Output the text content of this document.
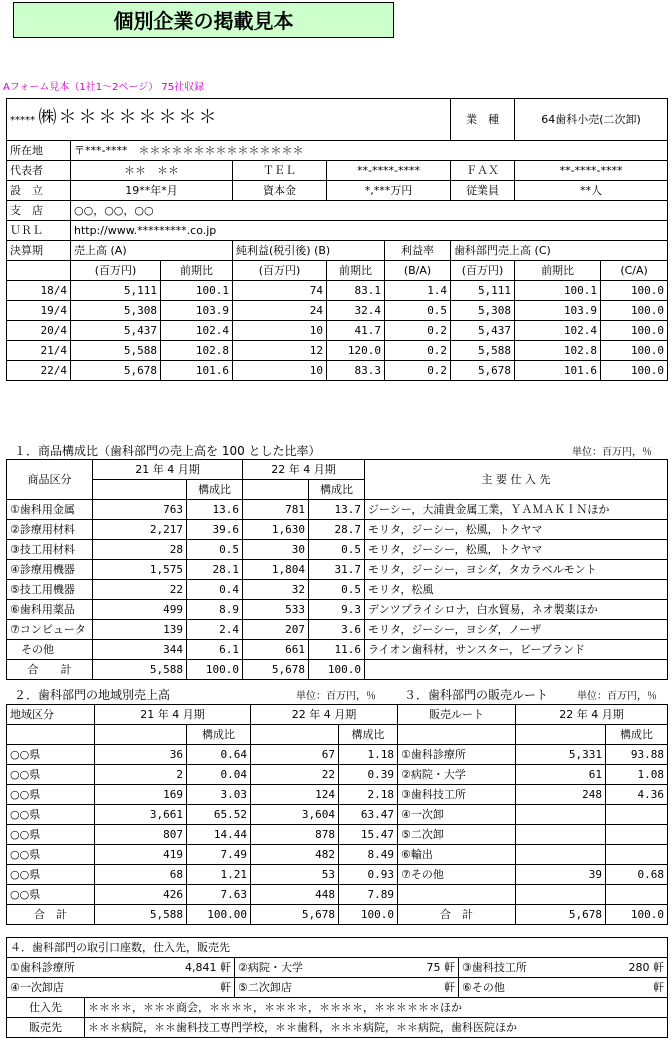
個別企業の掲載見本
Aフォーム見本（1社1～2ページ） 75社収録
***** ㈱＊＊＊＊＊＊＊＊						業　種	64歯科小売(二次卸)	
所在地	〒***-****　＊＊＊＊＊＊＊＊＊＊＊＊＊＊＊							
代表者	＊＊　＊＊		ＴＥＬ	**-****-****		ＦＡＸ	**-****-****	
設　立	19**年*月		資本金	*,***万円		従業員	**人	
支　店	○○，○○，○○							
ＵＲＬ	http://www.*********.co.jp							
決算期	売上高 (A)		純利益(税引後) (B)		利益率	歯科部門売上高 (C)		
	(百万円)	前期比	(百万円)	前期比	(B/A)	(百万円)	前期比	(C/A)
18/4	5,111	100.1	74	83.1	1.4	5,111	100.1	100.0
19/4	5,308	103.9	24	32.4	0.5	5,308	103.9	100.0
20/4	5,437	102.4	10	41.7	0.2	5,437	102.4	100.0
21/4	5,588	102.8	12	120.0	0.2	5,588	102.8	100.0
22/4	5,678	101.6	10	83.3	0.2	5,678	101.6	100.0
１．商品構成比（歯科部門の売上高を 100 とした比率）	単位：百万円，％
商品区分	21 年 4 月期		22 年 4 月期		主 要 仕 入 先
		構成比		構成比	
①歯科用金属	763	13.6	781	13.7	ジーシー，大浦貴金属工業，ＹＡＭＡＫＩＮほか
②診療用材料	2,217	39.6	1,630	28.7	モリタ，ジーシー，松風，トクヤマ
③技工用材料	28	0.5	30	0.5	モリタ，ジーシー，松風，トクヤマ
④診療用機器	1,575	28.1	1,804	31.7	モリタ，ジーシー，ヨシダ，タカラベルモント
⑤技工用機器	22	0.4	32	0.5	モリタ，松風
⑥歯科用薬品	499	8.9	533	9.3	デンツプライシロナ，白水貿易，ネオ製薬ほか
⑦コンピュータ	139	2.4	207	3.6	モリタ，ジーシー，ヨシダ，ノーザ
　その他	344	6.1	661	11.6	ライオン歯科材，サンスター，ビーブランド
合　　計	5,588	100.0	5,678	100.0	
２．歯科部門の地域別売上高	単位：百万円，％
地域区分	21 年 4 月期		22 年 4 月期	
		構成比		構成比
○○県	36	0.64	67	1.18
○○県	2	0.04	22	0.39
○○県	169	3.03	124	2.18
○○県	3,661	65.52	3,604	63.47
○○県	807	14.44	878	15.47
○○県	419	7.49	482	8.49
○○県	68	1.21	53	0.93
○○県	426	7.63	448	7.89
合　計	5,588	100.00	5,678	100.0
３．歯科部門の販売ルート	単位：百万円，％
販売ルート	22 年 4 月期	
		構成比
①歯科診療所	5,331	93.88
②病院・大学	61	1.08
③歯科技工所	248	4.36
④一次卸		
⑤二次卸		
⑥輸出		
⑦その他	39	0.68

合　計	5,678	100.0
４．歯科部門の取引口座数，仕入先，販売先			
①歯科診療所 4,841 軒		②病院・大学 75 軒	③歯科技工所 280 軒

④一次卸店 軒		⑤二次卸店 軒	⑥その他 軒

仕入先	＊＊＊＊，＊＊＊商会，＊＊＊＊，＊＊＊＊，＊＊＊＊，＊＊＊＊＊＊ほか		
販売先	＊＊＊病院，＊＊歯科技工専門学校，＊＊歯科，＊＊＊病院，＊＊病院，歯科医院ほか		
